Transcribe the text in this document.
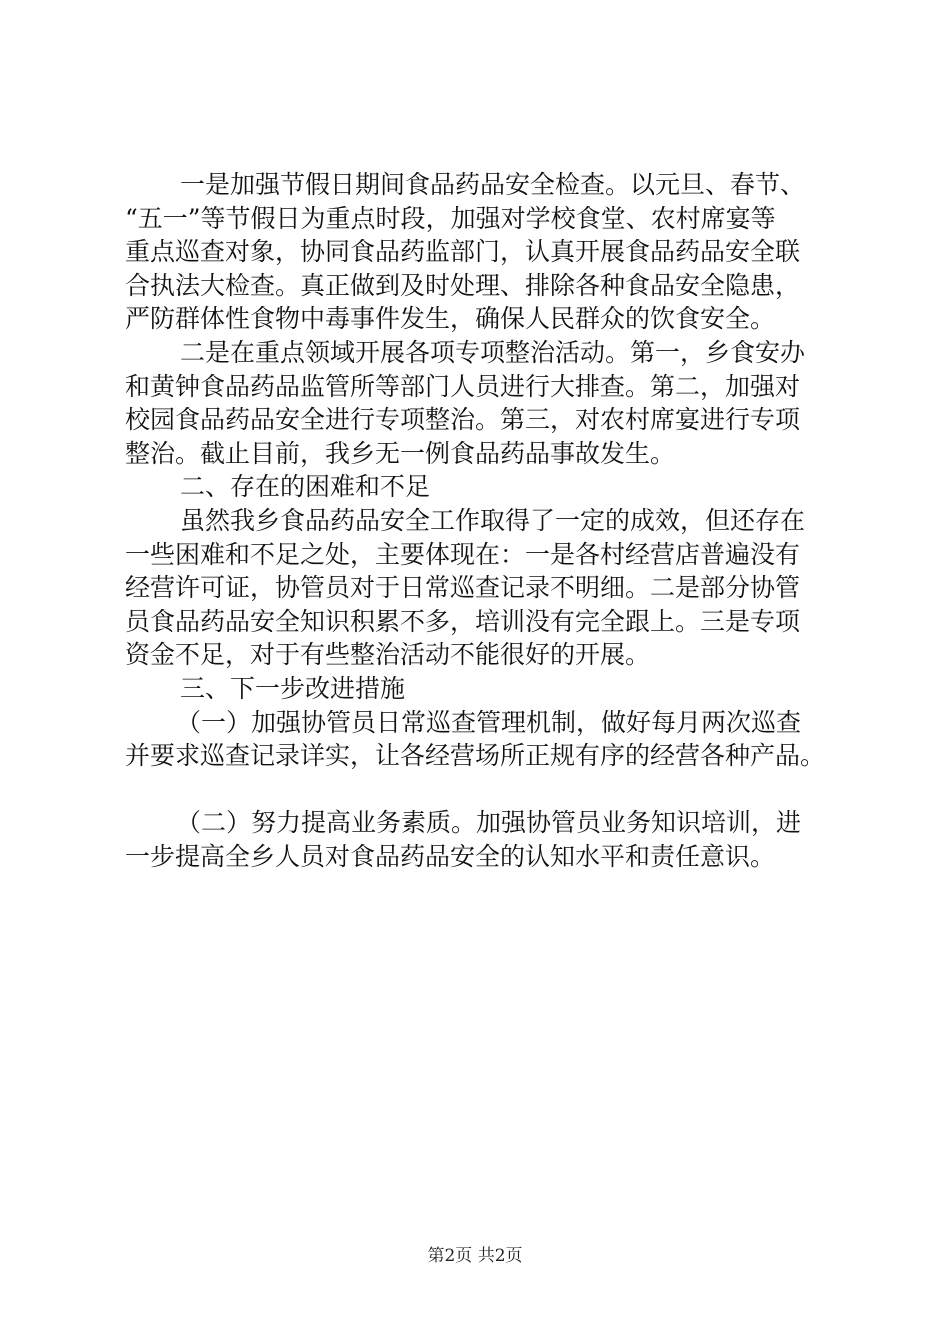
一是加强节假日期间食品药品安全检查。以元旦、春节、
“五一”等节假日为重点时段，加强对学校食堂、农村席宴等
重点巡查对象，协同食品药监部门，认真开展食品药品安全联
合执法大检查。真正做到及时处理、排除各种食品安全隐患，
严防群体性食物中毒事件发生，确保人民群众的饮食安全。
二是在重点领域开展各项专项整治活动。第一，乡食安办
和黄钟食品药品监管所等部门人员进行大排查。第二，加强对
校园食品药品安全进行专项整治。第三，对农村席宴进行专项
整治。截止目前，我乡无一例食品药品事故发生。
二、存在的困难和不足
虽然我乡食品药品安全工作取得了一定的成效，但还存在
一些困难和不足之处，主要体现在：一是各村经营店普遍没有
经营许可证，协管员对于日常巡查记录不明细。二是部分协管
员食品药品安全知识积累不多，培训没有完全跟上。三是专项
资金不足，对于有些整治活动不能很好的开展。
三、下一步改进措施
（一）加强协管员日常巡查管理机制，做好每月两次巡查
并要求巡查记录详实，让各经营场所正规有序的经营各种产品。
（二）努力提高业务素质。加强协管员业务知识培训，进
一步提高全乡人员对食品药品安全的认知水平和责任意识。
第2页 共2页
